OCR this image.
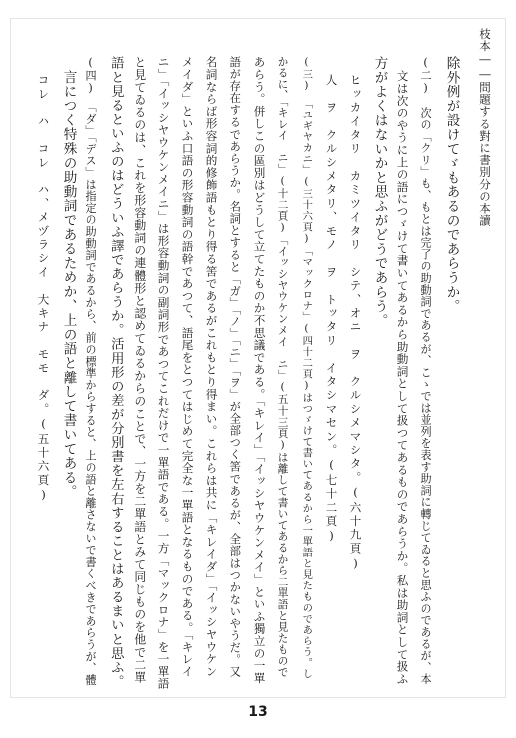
枝本――問題する對に書別分の本讀
除外例が設けてゞもあるのであらうか。
(二)　次の「クリ」も、もとは完了の助動詞であるが、こゝでは並列を表す助詞に轉じてゐると思ふのであるが、本
文は次のやうに上の語につゞけて書いてあるから助動詞として扱つてあるものであらうか。私は助詞として扱ふ
方がよくはないかと思ふがどうであらう。
ヒッカイタリ　カミツイタリ　シテ、オニ　ヲ　クルシメマシタ。(六十九頁)
人　ヲ　クルシメタリ、モノ　ヲ　トッタリ　イタシマセン。(七十二頁)
(三)　「ユギヤカニ」(三十六頁)「マックロナ」(四十二頁)はつゞけて書いてあるから一單語と見たものであらう。し
かるに、「キレイ　ニ」(十二頁)「イッシヤウケンメイ　ニ」(五十三頁)は離して書いてあるから二單語と見たもので
あらう。併しこの區別はどうして立てたものか不思議である。「キレイ」「イッシヤウケンメイ」といふ獨立の一單
語が存在するであらうか。名詞とすると「ガ」「ノ」「ニ」「ヲ」が全部つく筈であるが、全部はつかないやうだ。又
名詞ならば形容詞的修飾語もとり得る筈であるがこれもとり得まい。これらは共に「キレイダ」「イッシヤウケン
メイダ」といふ口語の形容動詞の語幹であつて、語尾をとつてはじめて完全な一單語となるものである。「キレイ
ニ」「イッシヤウケンメイニ」は形容動詞の副詞形であつてこれだけで一單語である。一方「マックロナ」を一單語
と見てゐるのは、これを形容動詞の連體形と認めてゐるからのことで、一方を二單語とみて同じものを他で二單
語と見るといふのはどういふ譯であらうか。活用形の差が分別書を左右することはあるまいと思ふ。
(四)　「ダ」「デス」は指定の助動詞であるから、前の標準からすると、上の語と離さないで書くべきであらうが、體
言につく特殊の助動詞であるためか、上の語と離して書いてある。
コレ　ハ　コレ　ハ、メヅラシイ　大キナ　モモ　ダ。(五十六頁)
13
